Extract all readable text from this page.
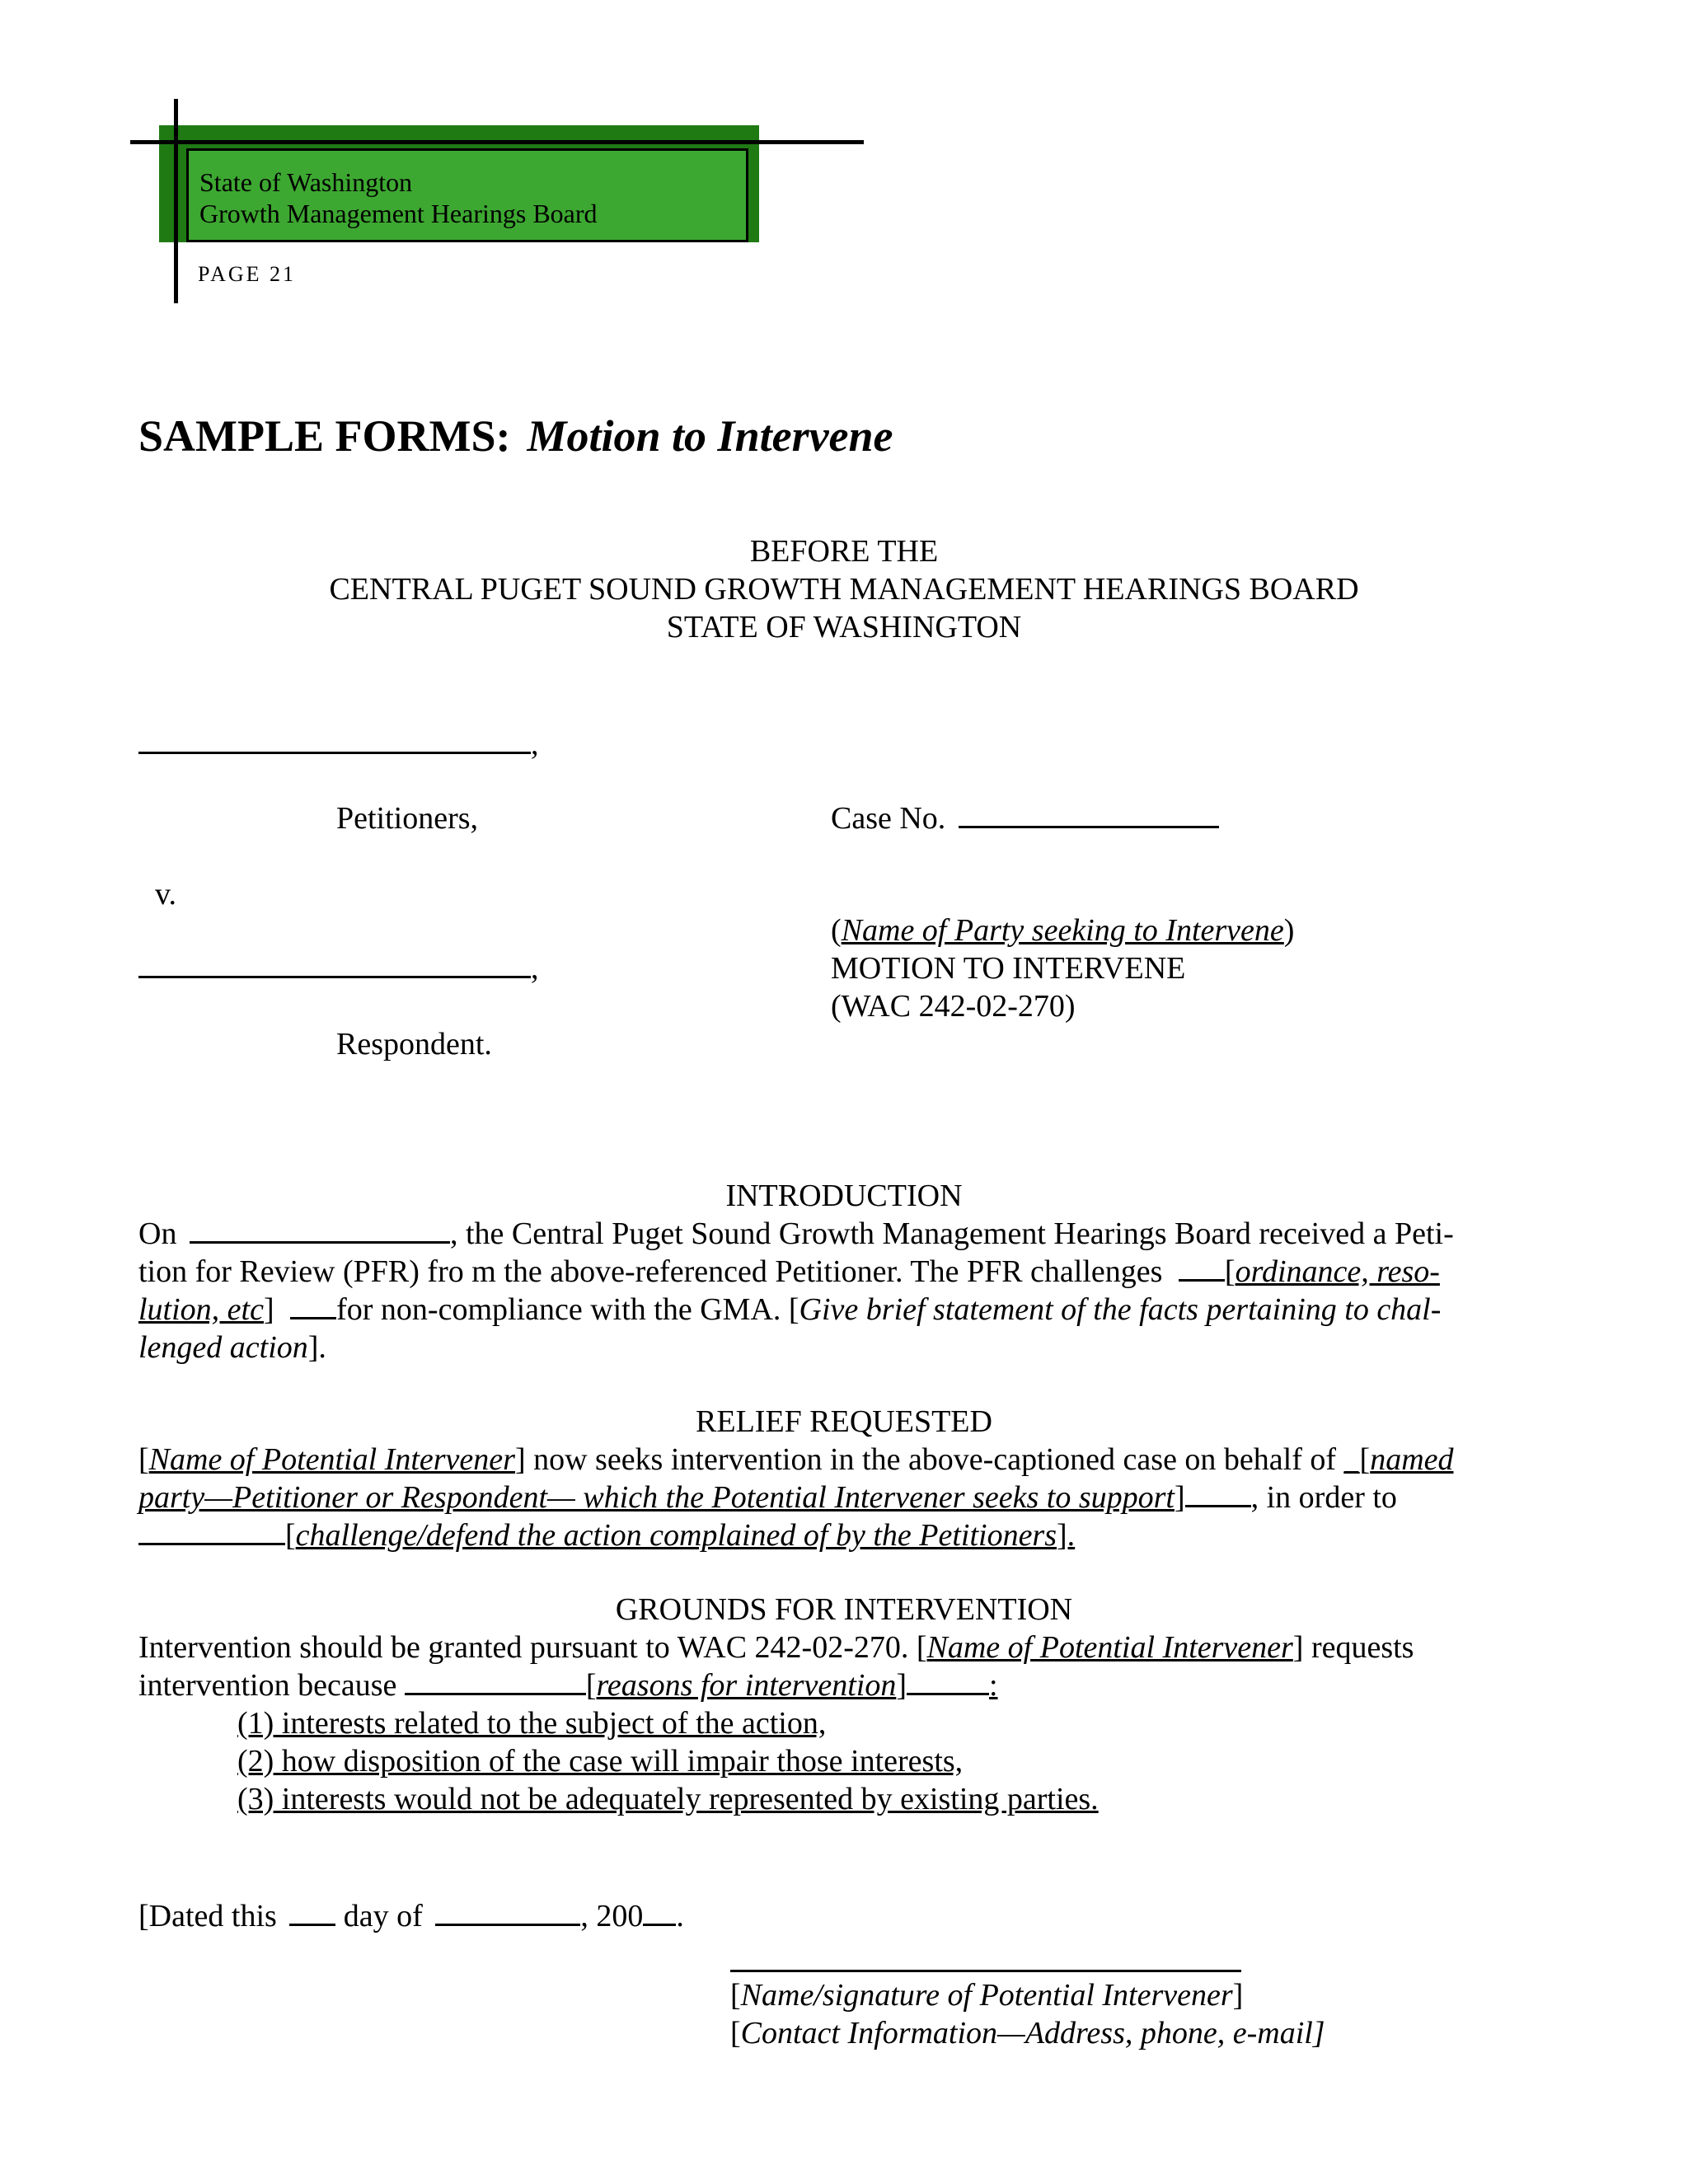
State of Washington
Growth Management Hearings Board
PAGE 21
SAMPLE FORMS: Motion to Intervene
BEFORE THE
CENTRAL PUGET SOUND GROWTH MANAGEMENT HEARINGS BOARD
STATE OF WASHINGTON
,
Petitioners,	Case No.
v.
(Name of Party seeking to Intervene)
MOTION TO INTERVENE
(WAC 242-02-270)
,
Respondent.
INTRODUCTION
On	, the Central Puget Sound Growth Management Hearings Board received a Peti-
tion for Review (PFR) fro m the above-referenced Petitioner. The PFR challenges [ordinance, reso-
lution, etc] for non-compliance with the GMA. [Give brief statement of the facts pertaining to chal-
lenged action].
RELIEF REQUESTED
[Name of Potential Intervener] now seeks intervention in the above-captioned case on behalf of _[named
party—Petitioner or Respondent— which the Potential Intervener seeks to support] , in order to
[challenge/defend the action complained of by the Petitioners].
GROUNDS FOR INTERVENTION
Intervention should be granted pursuant to WAC 242-02-270. [Name of Potential Intervener] requests
intervention because	[reasons for intervention]	:
(1) interests related to the subject of the action,
(2) how disposition of the case will impair those interests,
(3) interests would not be adequately represented by existing parties.
[Dated this day of	, 200 .
[Name/signature of Potential Intervener]
[Contact Information—Address, phone, e-mail]
